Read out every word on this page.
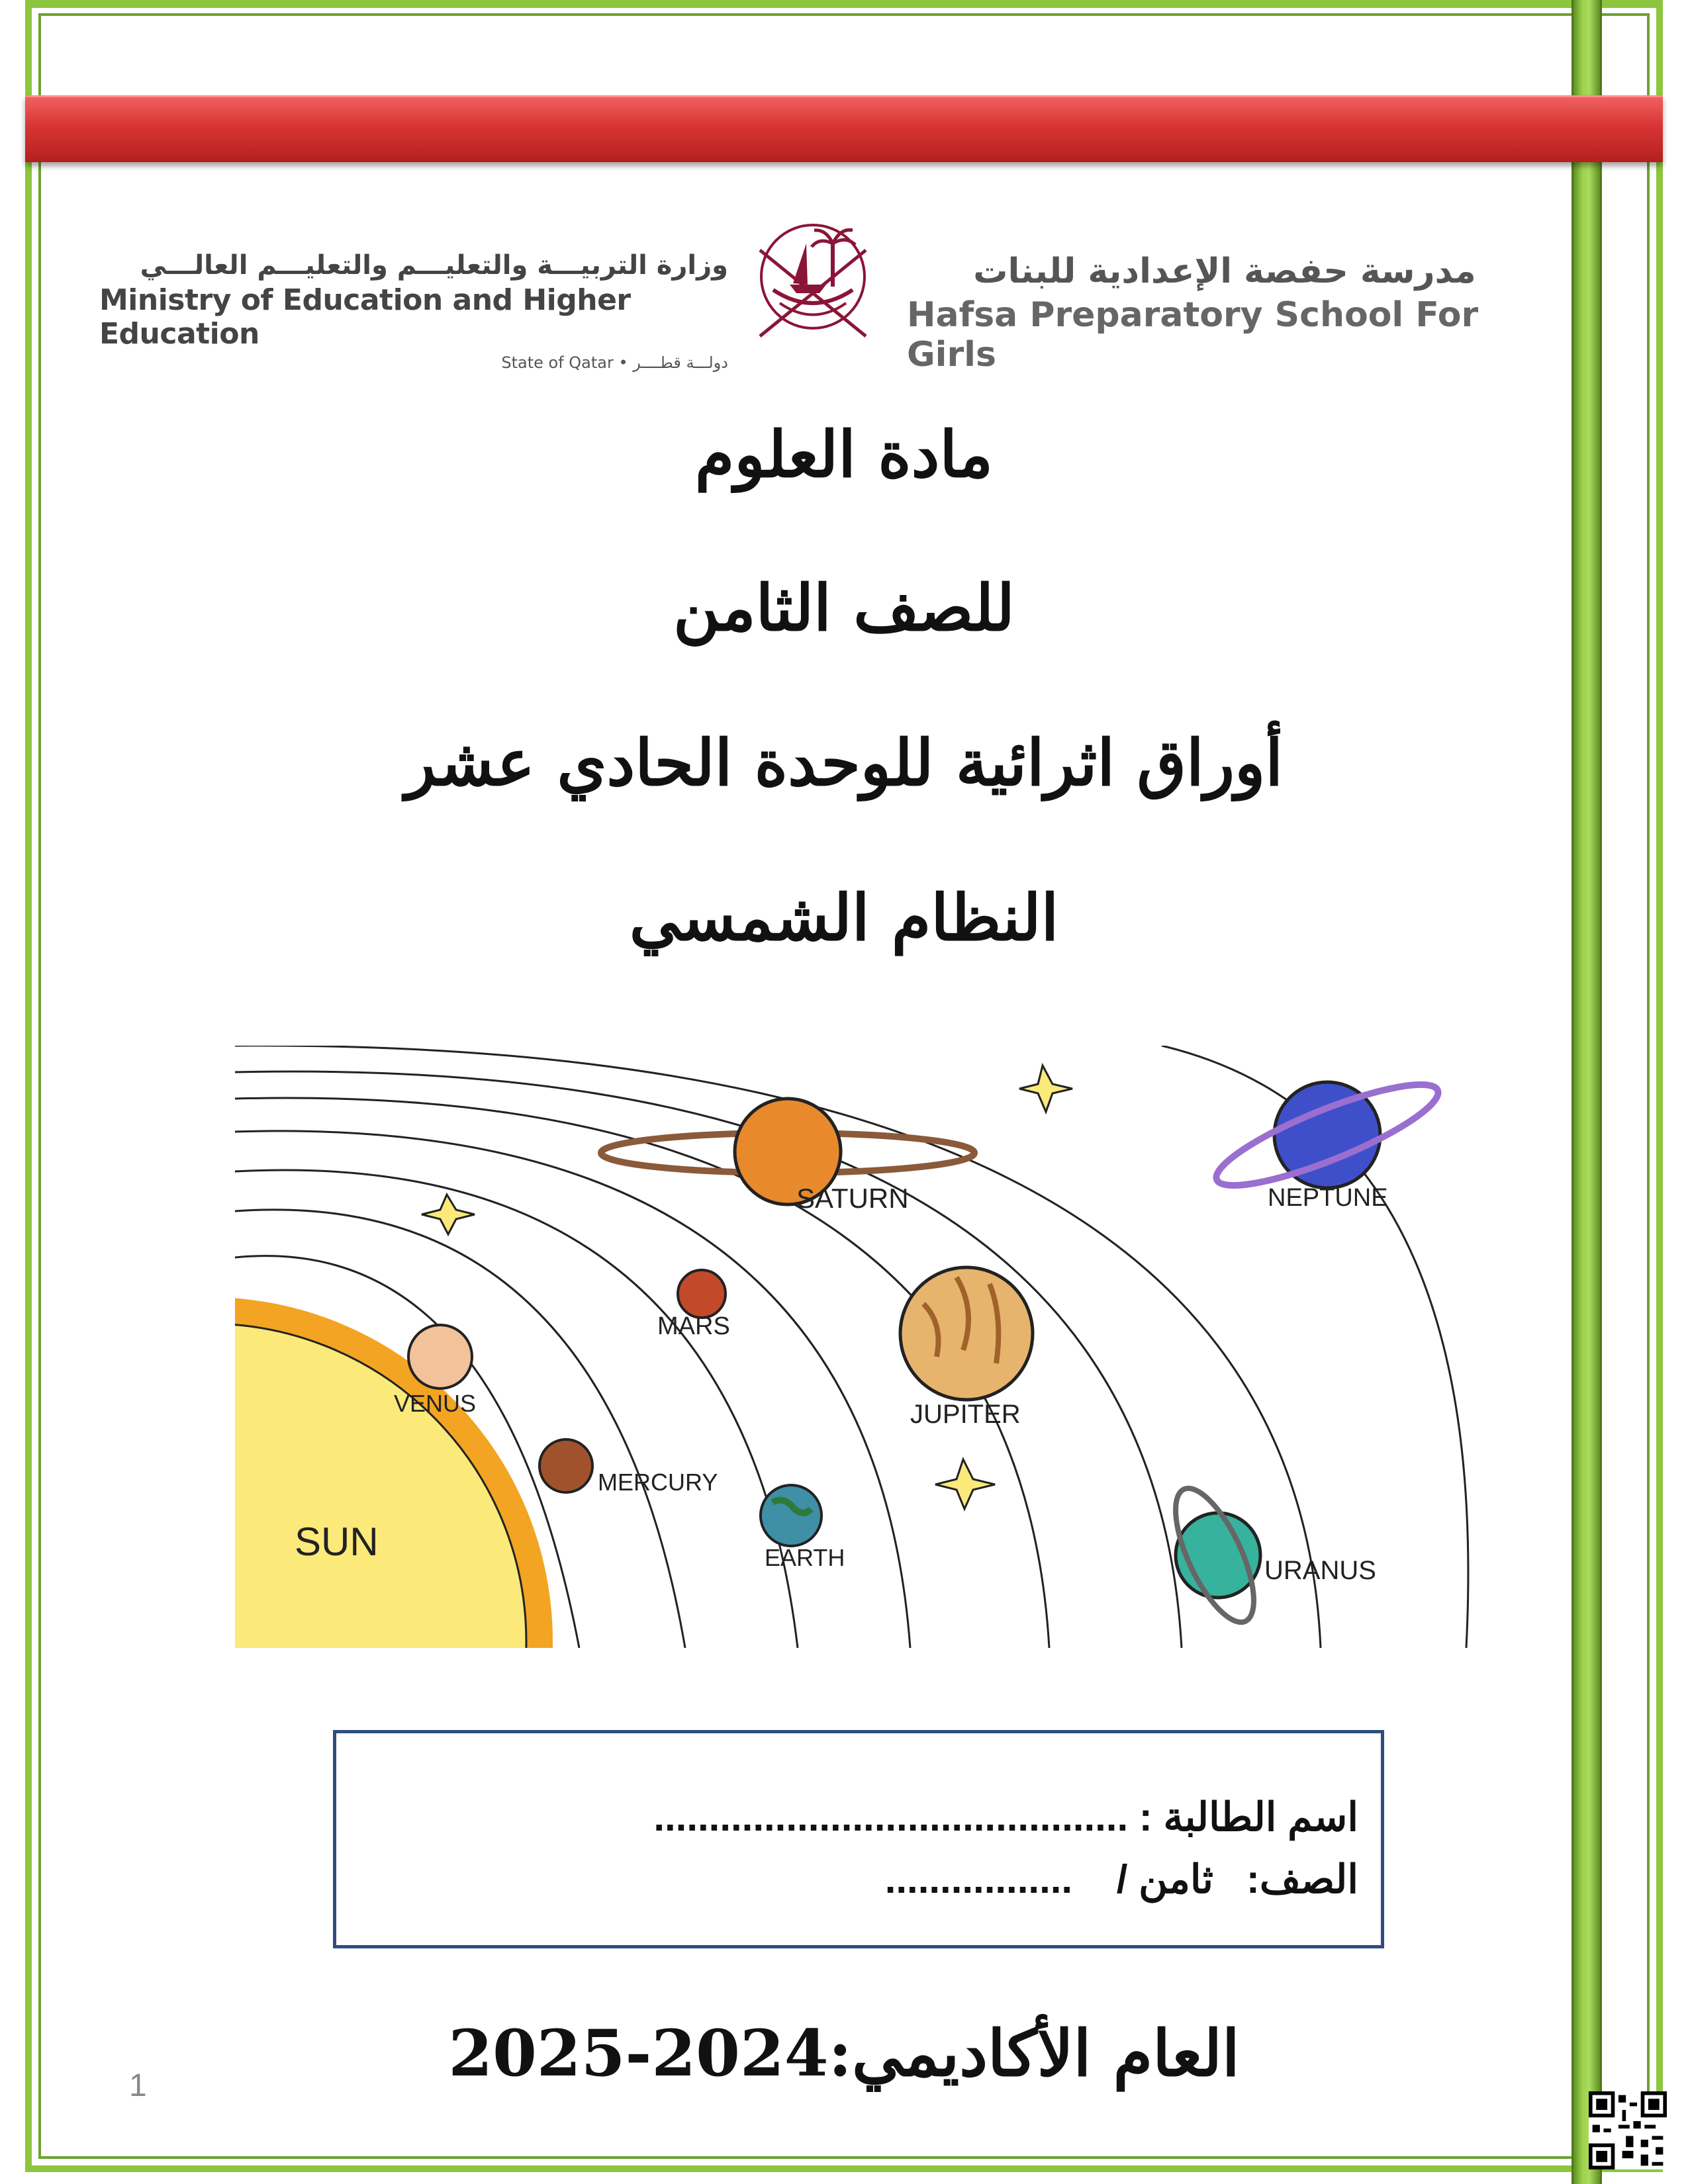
وزارة التربيـــة والتعليـــم والتعليـــم العالـــي
Ministry of Education and Higher Education
State of Qatar • دولـــة قطــــر
مدرسة حفصة الإعدادية للبنات
Hafsa Preparatory School For Girls
مادة العلوم
للصف الثامن
أوراق اثرائية للوحدة الحادي عشر
النظام الشمسي
SUN
MERCURY
VENUS
EARTH
MARS
JUPITER
SATURN
URANUS
NEPTUNE
اسم الطالبة : ...........................................
الصف:   ثامن /    .................
العام الأكاديمي:2024-2025
1
